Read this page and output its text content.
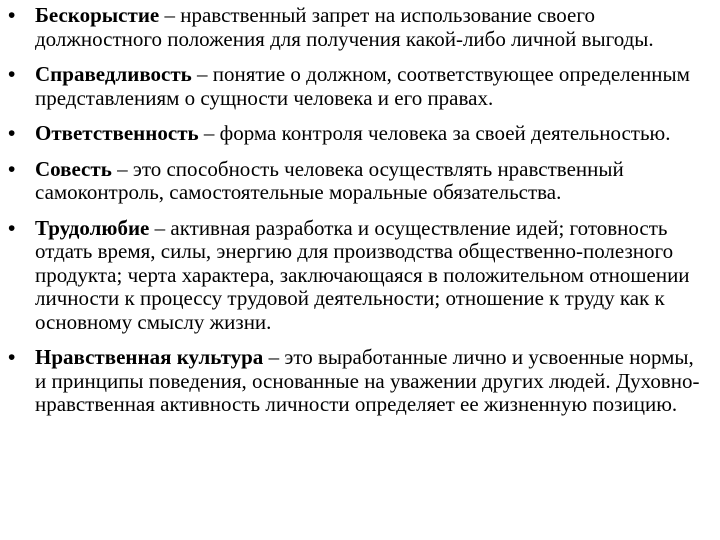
• Бескорыстие – нравственный запрет на использование своего должностного положения для получения какой-либо личной выгоды.
• Справедливость – понятие о должном, соответствующее определенным представлениям о сущности человека и его правах.
• Ответственность – форма контроля человека за своей деятельностью.
• Совесть – это способность человека осуществлять нравственный самоконтроль, самостоятельные моральные обязательства.
• Трудолюбие – активная разработка и осуществление идей; готовность отдать время, силы, энергию для производства общественно-полезного продукта; черта характера, заключающаяся в положительном отношении личности к процессу трудовой деятельности; отношение к труду как к основному смыслу жизни.
• Нравственная культура – это выработанные лично и усвоенные нормы, и принципы поведения, основанные на уважении других людей. Духовно-нравственная активность личности определяет ее жизненную позицию.
